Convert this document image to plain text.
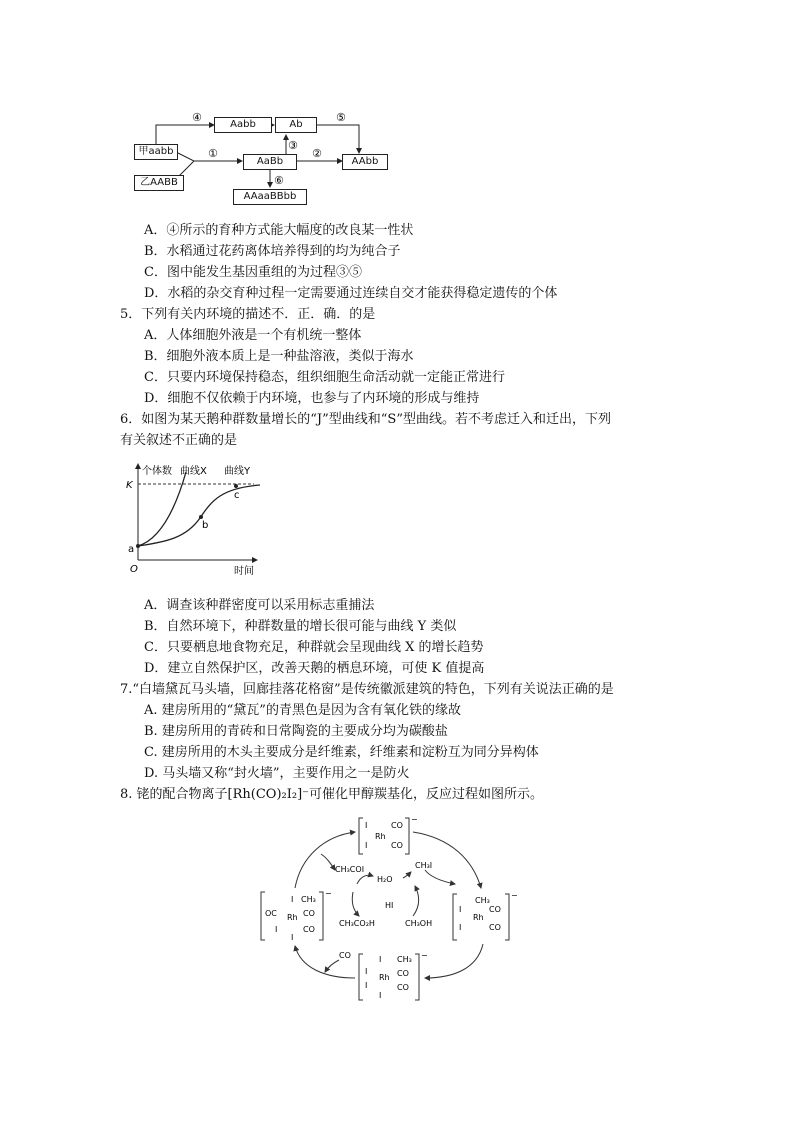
④	⑤
①	②
③
⑥
甲aabb
乙AABB
Aabb	Ab
AaBb	AAbb
AAaaBBbb
A．④所示的育种方式能大幅度的改良某一性状
B．水稻通过花药离体培养得到的均为纯合子
C．图中能发生基因重组的为过程③⑤
D．水稻的杂交育种过程一定需要通过连续自交才能获得稳定遗传的个体
5．下列有关内环境的描述不．正．确．的是
A．人体细胞外液是一个有机统一整体
B．细胞外液本质上是一种盐溶液，类似于海水
C．只要内环境保持稳态，组织细胞生命活动就一定能正常进行
D．细胞不仅依赖于内环境，也参与了内环境的形成与维持
6．如图为某天鹅种群数量增长的“J”型曲线和“S”型曲线。若不考虑迁入和迁出，下列
有关叙述不正确的是
个体数 曲线X 曲线Y
K
O
a
b
c
时间
A．调查该种群密度可以采用标志重捕法
B．自然环境下，种群数量的增长很可能与曲线 Y 类似
C．只要栖息地食物充足，种群就会呈现曲线 X 的增长趋势
D．建立自然保护区，改善天鹅的栖息环境，可使 K 值提高
7.“白墙黛瓦马头墙，回廊挂落花格窗”是传统徽派建筑的特色，下列有关说法正确的是
A. 建房所用的“黛瓦”的青黑色是因为含有氧化铁的缘故
B. 建房所用的青砖和日常陶瓷的主要成分均为碳酸盐
C. 建房所用的木头主要成分是纤维素，纤维素和淀粉互为同分异构体
D. 马头墙又称“封火墙”，主要作用之一是防火
8. 铑的配合物离子[Rh(CO)₂I₂]⁻可催化甲醇羰基化，反应过程如图所示。
−
I
I
Rh
CO
CO
−
CH₃
I
I
Rh
CO
CO
−
CH₃
I
OC Rh CO
I	CO
I
−
CH₃
I
I
Rh CO
I	CO
I
CH₃COI
H₂O
CH₃I
HI
CH₃CO₂H	CH₃OH
CO
